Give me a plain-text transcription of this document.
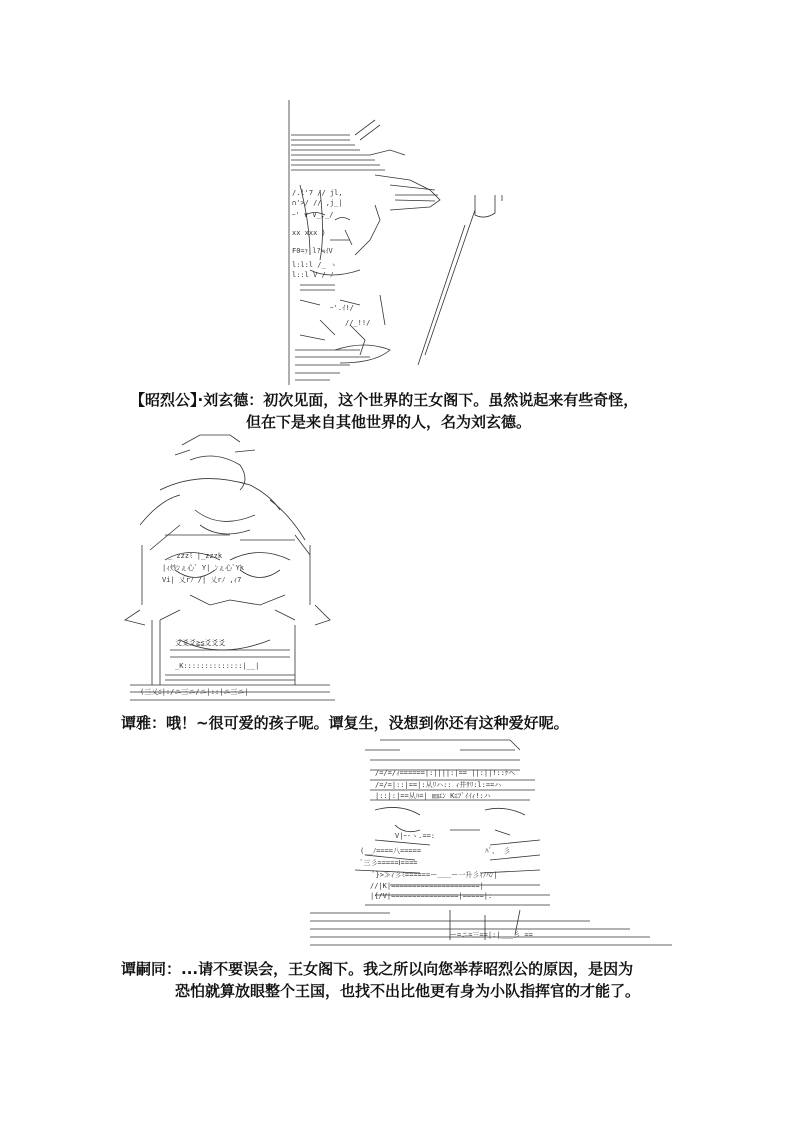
/.l'7 // jl,
∩'>/ // ,j_|
ｰ' ∨ ∨_,_/
xx xxx )
F0=ｧ l?≒ｲV
l:l:l /_ ヽ
l::l V / ﾉ
ｰ'.ｲ!/
//_!!/
【昭烈公】·刘玄德：初次见面，这个世界的王女阁下。虽然说起来有些奇怪，
但在下是来自其他世界的人，名为刘玄德。
_ zzzﾐ |_zzzk
|ｨ炒ﾝぇ心ﾞ Y| ﾝぇ心ﾞYk
Vi| 乂rﾉ /| 乂rﾉ ,ｨ7
爻爻爻≧≦爻爻爻
_K::::::::::::::|__|
(三乂ﾆ|:/ニ三ニ/ニ|::|ニ三ニ|
谭雅：哦！~很可爱的孩子呢。谭复生，没想到你还有这种爱好呢。
/=/=/ｨ======|:||||:|== ||:||!::ｹヘ
/=/=|::|==|:从ﾘハ:: ｨ井ｻﾘ:l:==ハ
|::|:|==从ﾊ=| ㎜ｴﾝ Kｴﾌﾞｲｲｨ!:ハ
V|ｰ-ヽ.==:
(__ﾉ====八=====	ﾊﾞ、 彡
ﾞ三彡=====Ⅰ====
ﾞ}>≫ｨ彡ﾐ======ー＿＿ー一升彡ｨﾉﾊﾝ|
//|K|=====================|
|{/V|================|=====|:
ー=ニ=三==|:|___彡 ==
谭嗣同：...请不要误会，王女阁下。我之所以向您举荐昭烈公的原因，是因为
恐怕就算放眼整个王国，也找不出比他更有身为小队指挥官的才能了。
